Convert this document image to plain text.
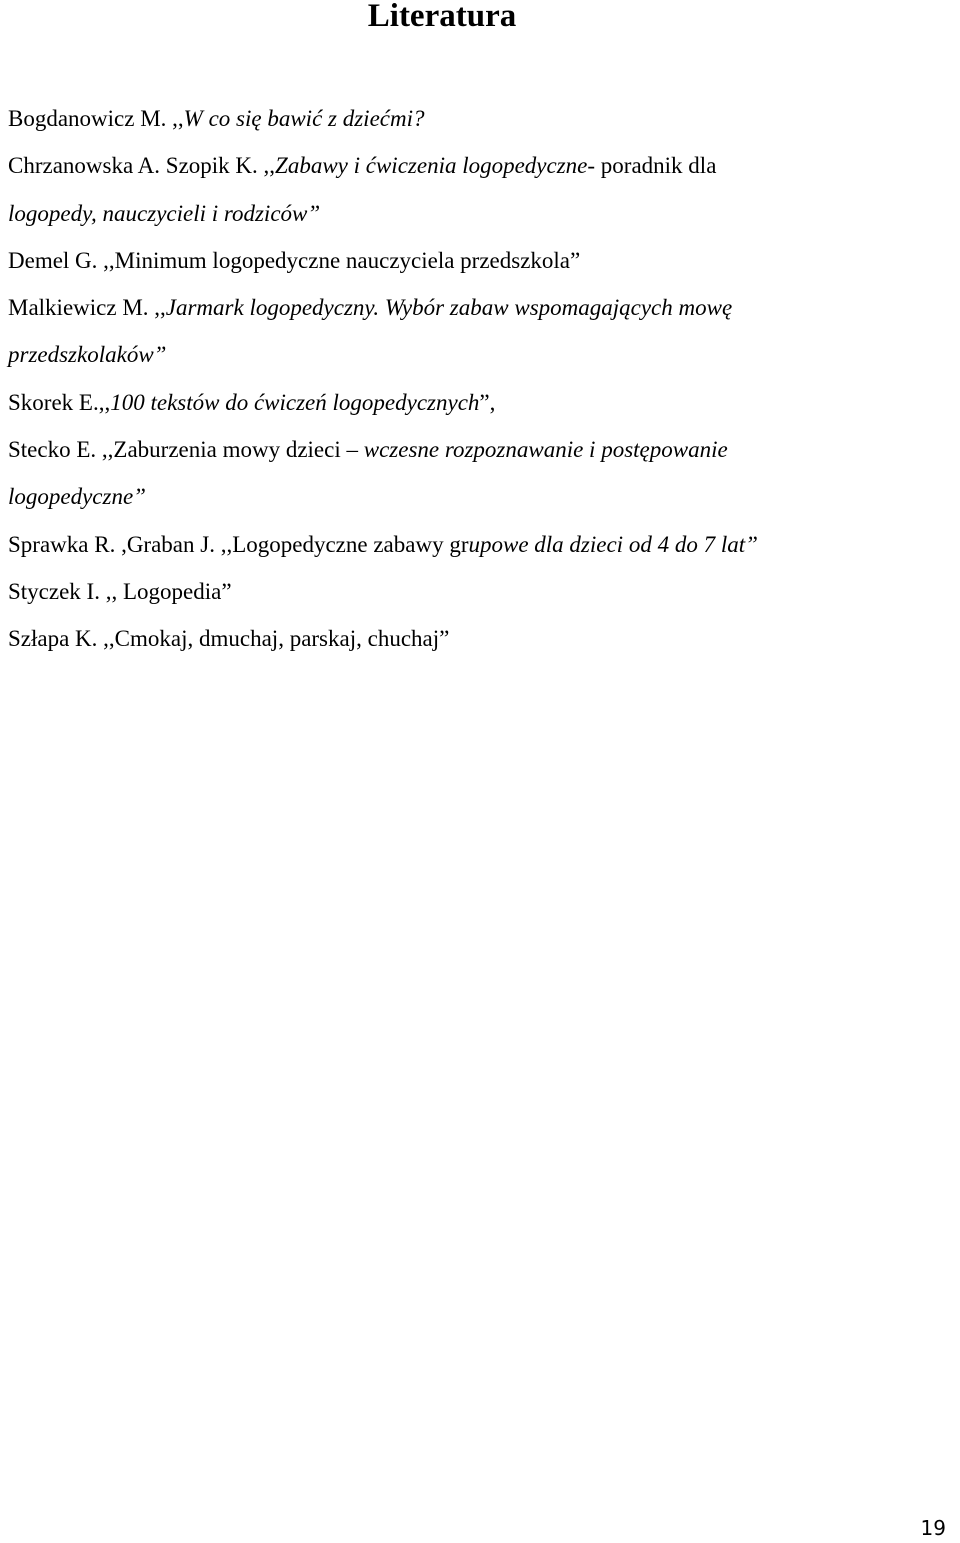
Literatura
Bogdanowicz M. ,,W co się bawić z dziećmi?
Chrzanowska A. Szopik K. ,,Zabawy i ćwiczenia logopedyczne- poradnik dla
logopedy, nauczycieli i rodziców”
Demel G. ,,Minimum logopedyczne nauczyciela przedszkola”
Malkiewicz M. ,,Jarmark logopedyczny. Wybór zabaw wspomagających mowę
przedszkolaków”
Skorek E.,,100 tekstów do ćwiczeń logopedycznych”,
Stecko E. ,,Zaburzenia mowy dzieci – wczesne rozpoznawanie i postępowanie
logopedyczne”
Sprawka R. ,Graban J. ,,Logopedyczne zabawy grupowe dla dzieci od 4 do 7 lat”
Styczek I. ,, Logopedia”
Szłapa K. ,,Cmokaj, dmuchaj, parskaj, chuchaj”
19
